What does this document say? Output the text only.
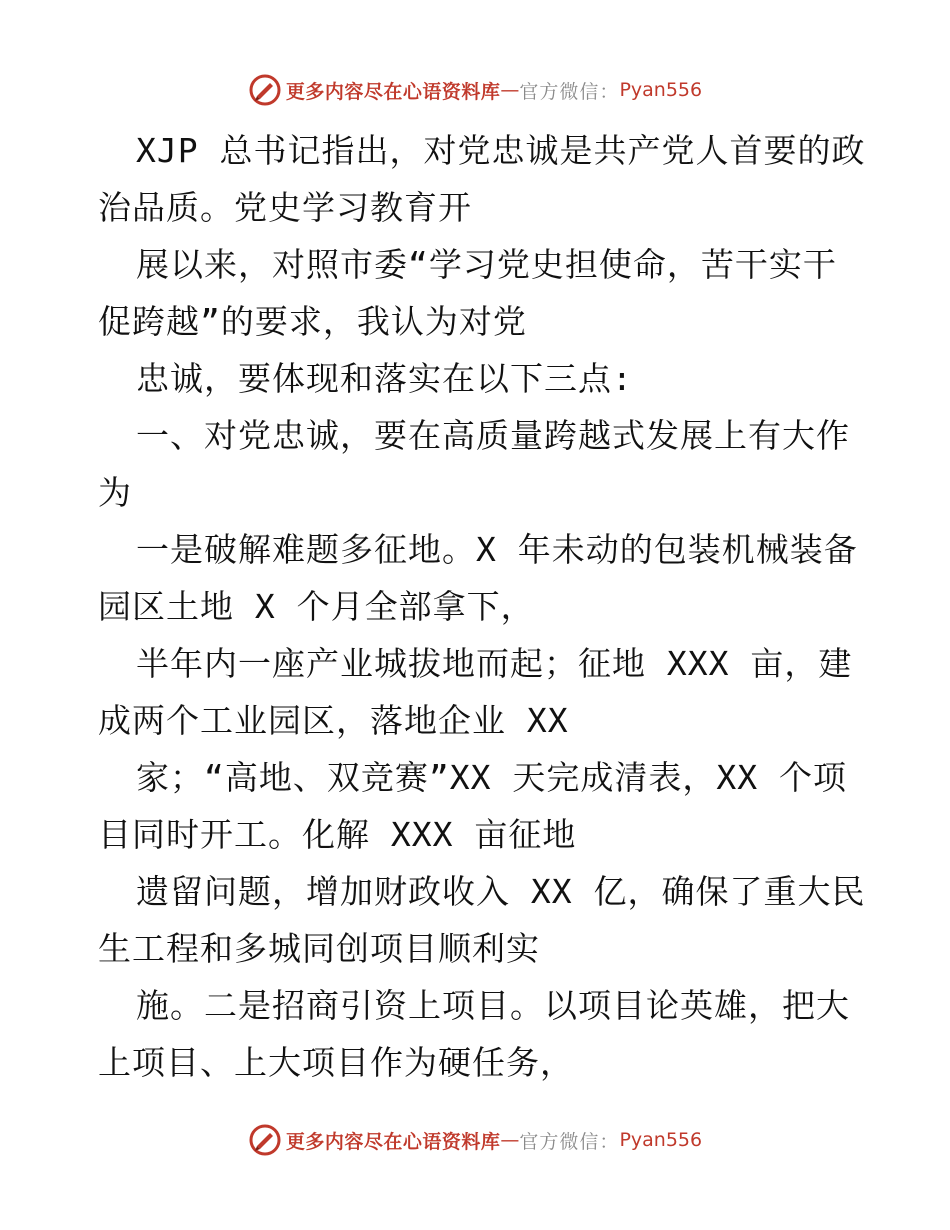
更多内容尽在心语资料库 — 官方微信： Pyan556

XJP 总书记指出，对党忠诚是共产党人首要的政
治品质。党史学习教育开

展以来，对照市委“学习党史担使命，苦干实干
促跨越”的要求，我认为对党

忠诚，要体现和落实在以下三点:

一、对党忠诚，要在高质量跨越式发展上有大作
为

一是破解难题多征地。X 年未动的包装机械装备
园区土地 X 个月全部拿下，

半年内一座产业城拔地而起；征地 XXX 亩，建
成两个工业园区，落地企业 XX

家；“高地、双竞赛”XX 天完成清表，XX 个项
目同时开工。化解 XXX 亩征地

遗留问题，增加财政收入 XX 亿，确保了重大民
生工程和多城同创项目顺利实

施。二是招商引资上项目。以项目论英雄，把大
上项目、上大项目作为硬任务，

更多内容尽在心语资料库 — 官方微信： Pyan556
